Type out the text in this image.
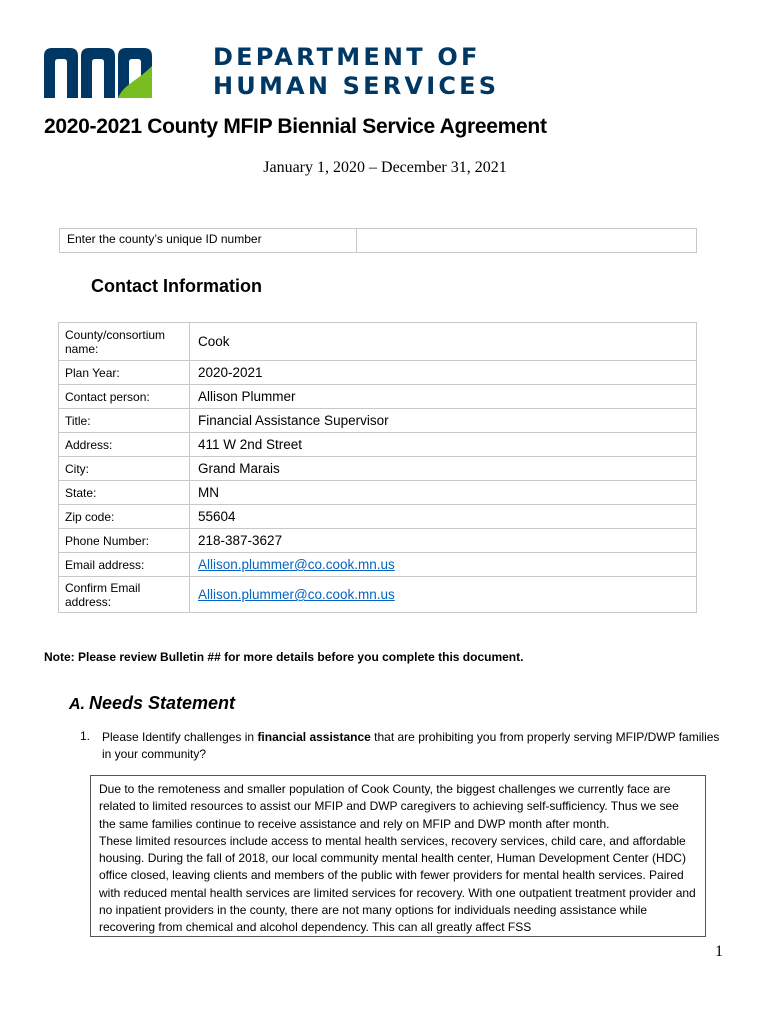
DEPARTMENT OF
HUMAN SERVICES
2020-2021 County MFIP Biennial Service Agreement
January 1, 2020 – December 31, 2021
Enter the county’s unique ID number
Contact Information
County/consortium name:	Cook
Plan Year:	2020-2021
Contact person:	Allison Plummer
Title:	Financial Assistance Supervisor
Address:	411 W 2nd Street
City:	Grand Marais
State:	MN
Zip code:	55604
Phone Number:	218-387-3627
Email address:	Allison.plummer@co.cook.mn.us
Confirm Email address:	Allison.plummer@co.cook.mn.us
Note: Please review Bulletin ## for more details before you complete this document.
A. Needs Statement
1. Please Identify challenges in financial assistance that are prohibiting you from properly serving MFIP/DWP families in your community?

Due to the remoteness and smaller population of Cook County, the biggest challenges we currently face are related to limited resources to assist our MFIP and DWP caregivers to achieving self-sufficiency. Thus we see the same families continue to receive assistance and rely on MFIP and DWP month after month.

These limited resources include access to mental health services, recovery services, child care, and affordable housing. During the fall of 2018, our local community mental health center, Human Development Center (HDC) office closed, leaving clients and members of the public with fewer providers for mental health services. Paired with reduced mental health services are limited services for recovery. With one outpatient treatment provider and no inpatient providers in the county, there are not many options for individuals needing assistance while recovering from chemical and alcohol dependency. This can all greatly affect FSS

1
